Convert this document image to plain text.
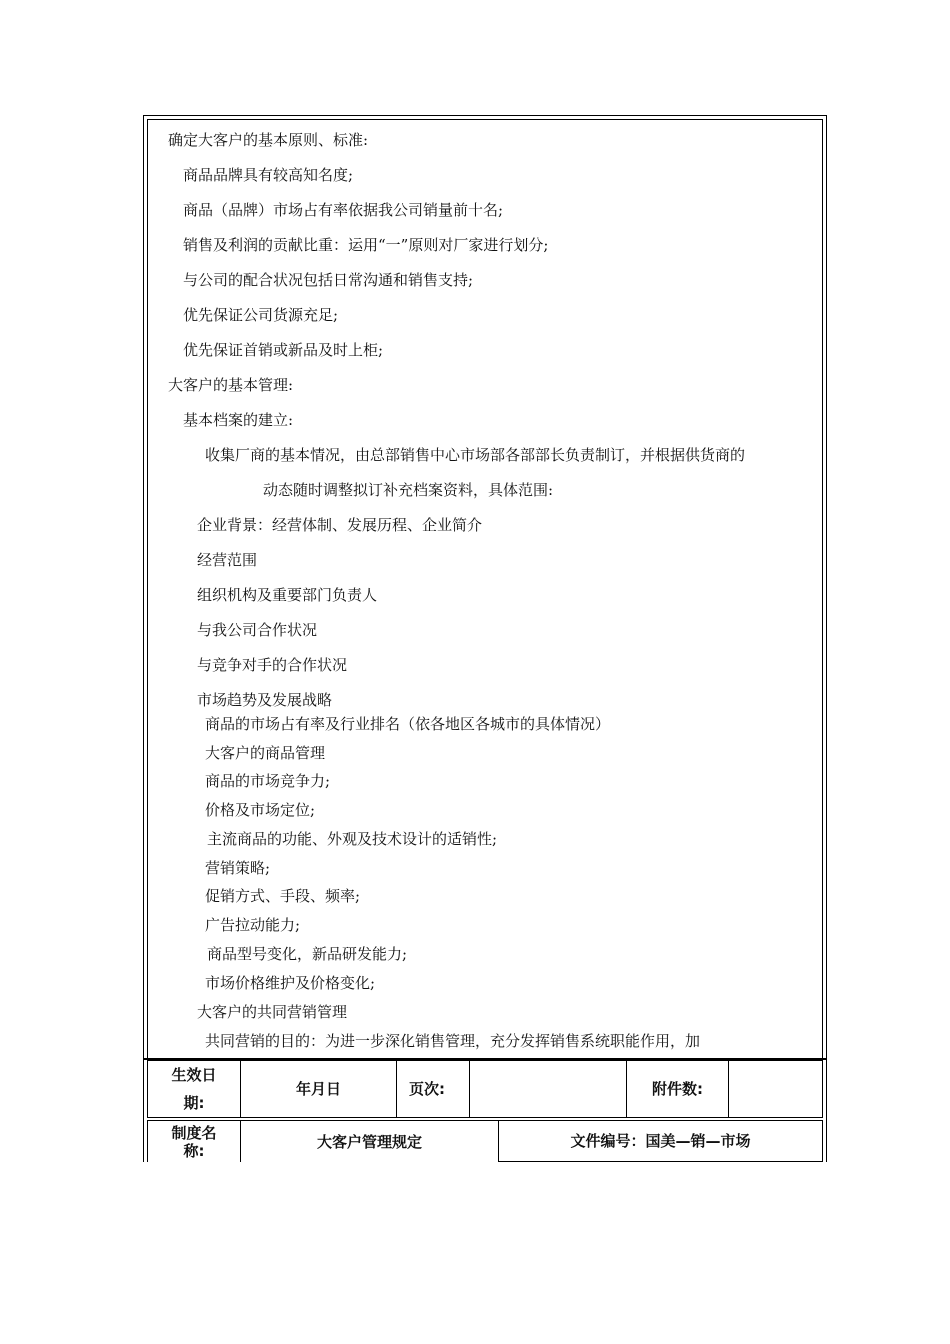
确定大客户的基本原则、标准:
商品品牌具有较高知名度;
商品（品牌）市场占有率依据我公司销量前十名;
销售及利润的贡献比重：运用“一”原则对厂家进行划分;
与公司的配合状况包括日常沟通和销售支持;
优先保证公司货源充足;
优先保证首销或新品及时上柜;
大客户的基本管理:
基本档案的建立:
收集厂商的基本情况，由总部销售中心市场部各部部长负责制订，并根据供货商的
动态随时调整拟订补充档案资料，具体范围:
企业背景：经营体制、发展历程、企业简介
经营范围
组织机构及重要部门负责人
与我公司合作状况
与竞争对手的合作状况
市场趋势及发展战略
商品的市场占有率及行业排名（依各地区各城市的具体情况）
大客户的商品管理
商品的市场竞争力;
价格及市场定位;
主流商品的功能、外观及技术设计的适销性;
营销策略;
促销方式、手段、频率;
广告拉动能力;
商品型号变化，新品研发能力;
市场价格维护及价格变化;
大客户的共同营销管理
共同营销的目的：为进一步深化销售管理，充分发挥销售系统职能作用，加
生效日
期:
年月日	页次:	附件数:
制度名
称:	大客户管理规定	文件编号：国美—销—市场
